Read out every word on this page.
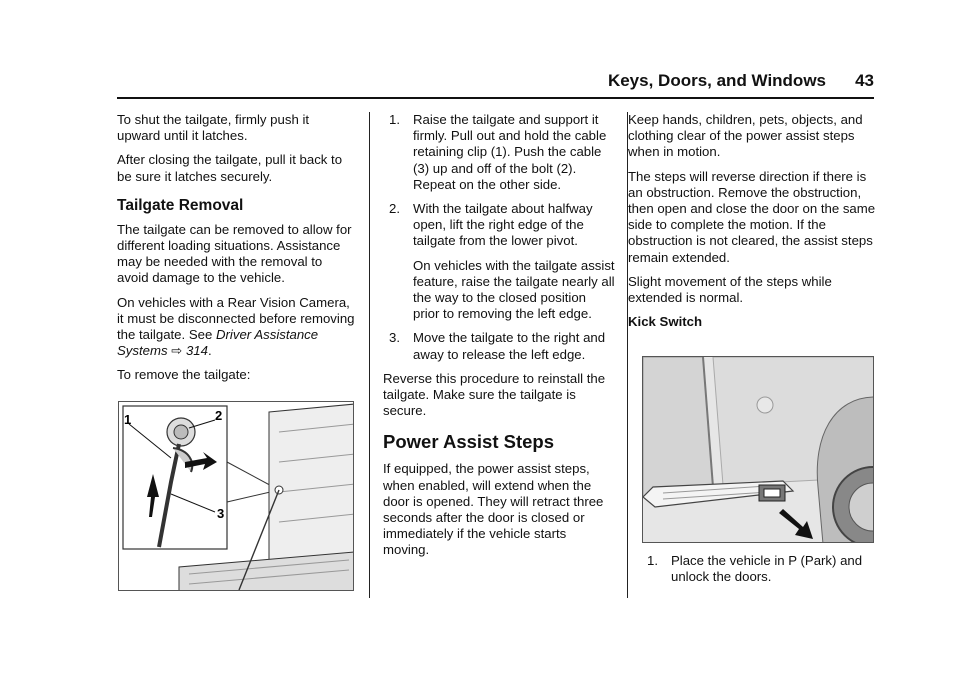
Keys, Doors, and Windows 43

To shut the tailgate, firmly push it upward until it latches.

After closing the tailgate, pull it back to be sure it latches securely.

Tailgate Removal

The tailgate can be removed to allow for different loading situations. Assistance may be needed with the removal to avoid damage to the vehicle.

On vehicles with a Rear Vision Camera, it must be disconnected before removing the tailgate. See Driver Assistance Systems ⇨ 314.

To remove the tailgate:

1	2
3
1. Raise the tailgate and support it firmly. Pull out and hold the cable retaining clip (1). Push the cable (3) up and off of the bolt (2). Repeat on the other side.
2. With the tailgate about halfway open, lift the right edge of the tailgate from the lower pivot.
On vehicles with the tailgate assist feature, raise the tailgate nearly all the way to the closed position prior to removing the left edge.
3. Move the tailgate to the right and away to release the left edge.

Reverse this procedure to reinstall the tailgate. Make sure the tailgate is secure.

Power Assist Steps

If equipped, the power assist steps, when enabled, will extend when the door is opened. They will retract three seconds after the door is closed or immediately if the vehicle starts moving.

Keep hands, children, pets, objects, and clothing clear of the power assist steps when in motion.

The steps will reverse direction if there is an obstruction. Remove the obstruction, then open and close the door on the same side to complete the motion. If the obstruction is not cleared, the assist steps remain extended.

Slight movement of the steps while extended is normal.

Kick Switch
1. Place the vehicle in P (Park) and unlock the doors.
